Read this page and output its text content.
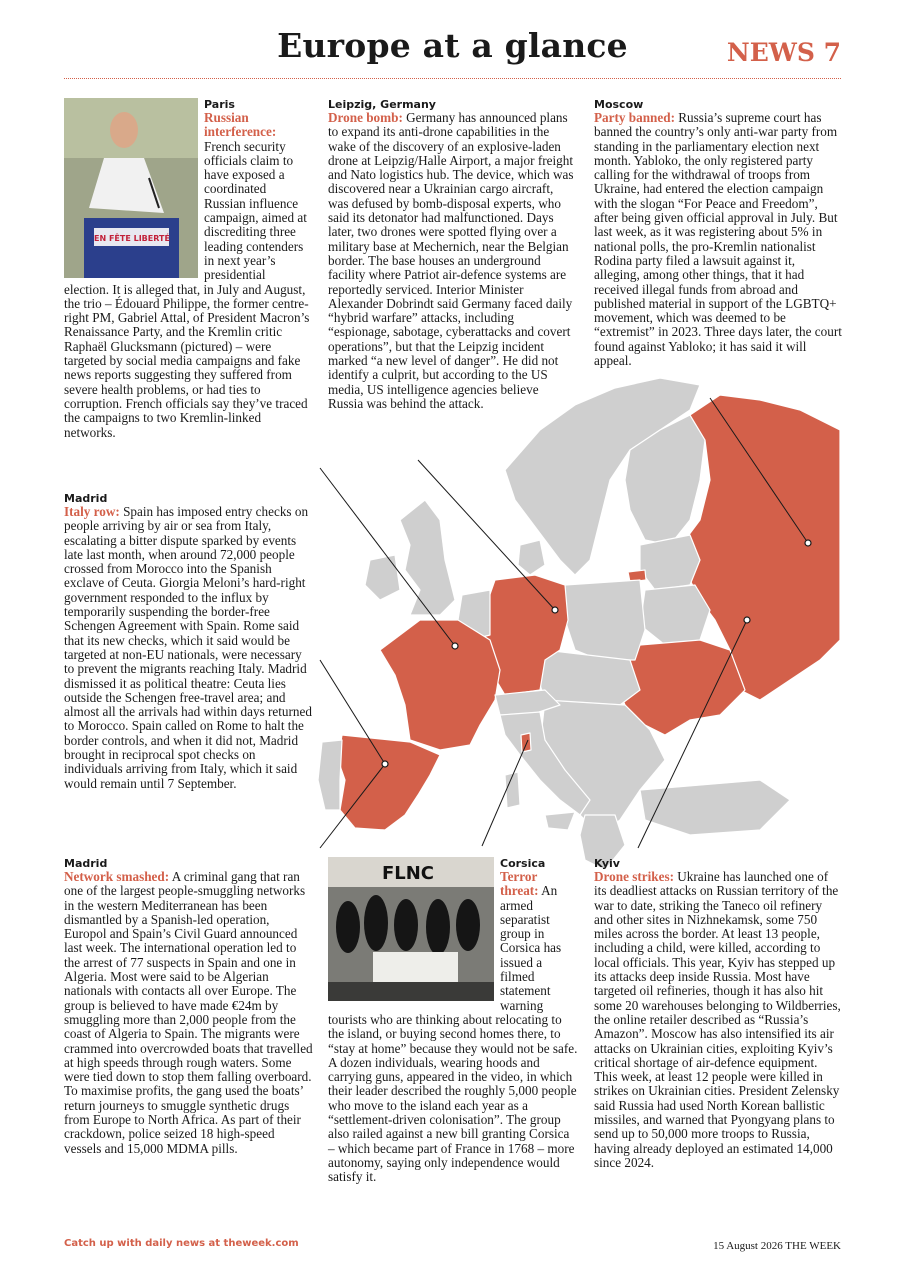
Europe at a glance	NEWS 7
EN FÊTE LIBERTÉ
Paris

Russian interference: French security officials claim to have exposed a coordinated Russian influence campaign, aimed at discrediting three leading contenders in next year’s presidential election. It is alleged that, in July and August, the trio – Édouard Philippe, the former centre-right PM, Gabriel Attal, of President Macron’s Renaissance Party, and the Kremlin critic Raphaël Glucksmann (pictured) – were targeted by social media campaigns and fake news reports suggesting they suffered from severe health problems, or had ties to corruption. French officials say they’ve traced the campaigns to two Kremlin-linked networks.

Leipzig, Germany

Drone bomb: Germany has announced plans to expand its anti-drone capabilities in the wake of the discovery of an explosive-laden drone at Leipzig/Halle Airport, a major freight and Nato logistics hub. The device, which was discovered near a Ukrainian cargo aircraft, was defused by bomb-disposal experts, who said its detonator had malfunctioned. Days later, two drones were spotted flying over a military base at Mechernich, near the Belgian border. The base houses an underground facility where Patriot air-defence systems are reportedly serviced. Interior Minister Alexander Dobrindt said Germany faced daily “hybrid warfare” attacks, including “espionage, sabotage, cyberattacks and covert operations”, but that the Leipzig incident marked “a new level of danger”. He did not identify a culprit, but according to the US media, US intelligence agencies believe Russia was behind the attack.

Moscow

Party banned: Russia’s supreme court has banned the country’s only anti-war party from standing in the parliamentary election next month. Yabloko, the only registered party calling for the withdrawal of troops from Ukraine, had entered the election campaign with the slogan “For Peace and Freedom”, after being given official approval in July. But last week, as it was registering about 5% in national polls, the pro-Kremlin nationalist Rodina party filed a lawsuit against it, alleging, among other things, that it had received illegal funds from abroad and published material in support of the LGBTQ+ movement, which was deemed to be “extremist” in 2023. Three days later, the court found against Yabloko; it has said it will appeal.

Madrid

Italy row: Spain has imposed entry checks on people arriving by air or sea from Italy, escalating a bitter dispute sparked by events late last month, when around 72,000 people crossed from Morocco into the Spanish exclave of Ceuta. Giorgia Meloni’s hard-right government responded to the influx by temporarily suspending the border-free Schengen Agreement with Spain. Rome said that its new checks, which it said would be targeted at non-EU nationals, were necessary to prevent the migrants reaching Italy. Madrid dismissed it as political theatre: Ceuta lies outside the Schengen free-travel area; and almost all the arrivals had within days returned to Morocco. Spain called on Rome to halt the border controls, and when it did not, Madrid brought in reciprocal spot checks on individuals arriving from Italy, which it said would remain until 7 September.

Madrid

Network smashed: A criminal gang that ran one of the largest people-smuggling networks in the western Mediterranean has been dismantled by a Spanish-led operation, Europol and Spain’s Civil Guard announced last week. The international operation led to the arrest of 77 suspects in Spain and one in Algeria. Most were said to be Algerian nationals with contacts all over Europe. The group is believed to have made €24m by smuggling more than 2,000 people from the coast of Algeria to Spain. The migrants were crammed into overcrowded boats that travelled at high speeds through rough waters. Some were tied down to stop them falling overboard. To maximise profits, the gang used the boats’ return journeys to smuggle synthetic drugs from Europe to North Africa. As part of their crackdown, police seized 18 high-speed vessels and 15,000 MDMA pills.

FLNC	Corsica

Terror threat: An armed separatist group in Corsica has issued a filmed statement warning tourists who are thinking about relocating to the island, or buying second homes there, to “stay at home” because they would not be safe. A dozen individuals, wearing hoods and carrying guns, appeared in the video, in which their leader described the roughly 5,000 people who move to the island each year as a “settlement-driven colonisation”. The group also railed against a new bill granting Corsica – which became part of France in 1768 – more autonomy, saying only independence would satisfy it.

Kyiv

Drone strikes: Ukraine has launched one of its deadliest attacks on Russian territory of the war to date, striking the Taneco oil refinery and other sites in Nizhnekamsk, some 750 miles across the border. At least 13 people, including a child, were killed, according to local officials. This year, Kyiv has stepped up its attacks deep inside Russia. Most have targeted oil refineries, though it has also hit some 20 warehouses belonging to Wildberries, the online retailer described as “Russia’s Amazon”. Moscow has also intensified its air attacks on Ukrainian cities, exploiting Kyiv’s critical shortage of air-defence equipment. This week, at least 12 people were killed in strikes on Ukrainian cities. President Zelensky said Russia had used North Korean ballistic missiles, and warned that Pyongyang plans to send up to 50,000 more troops to Russia, having already deployed an estimated 14,000 since 2024.

Catch up with daily news at theweek.com	15 August 2026 THE WEEK
